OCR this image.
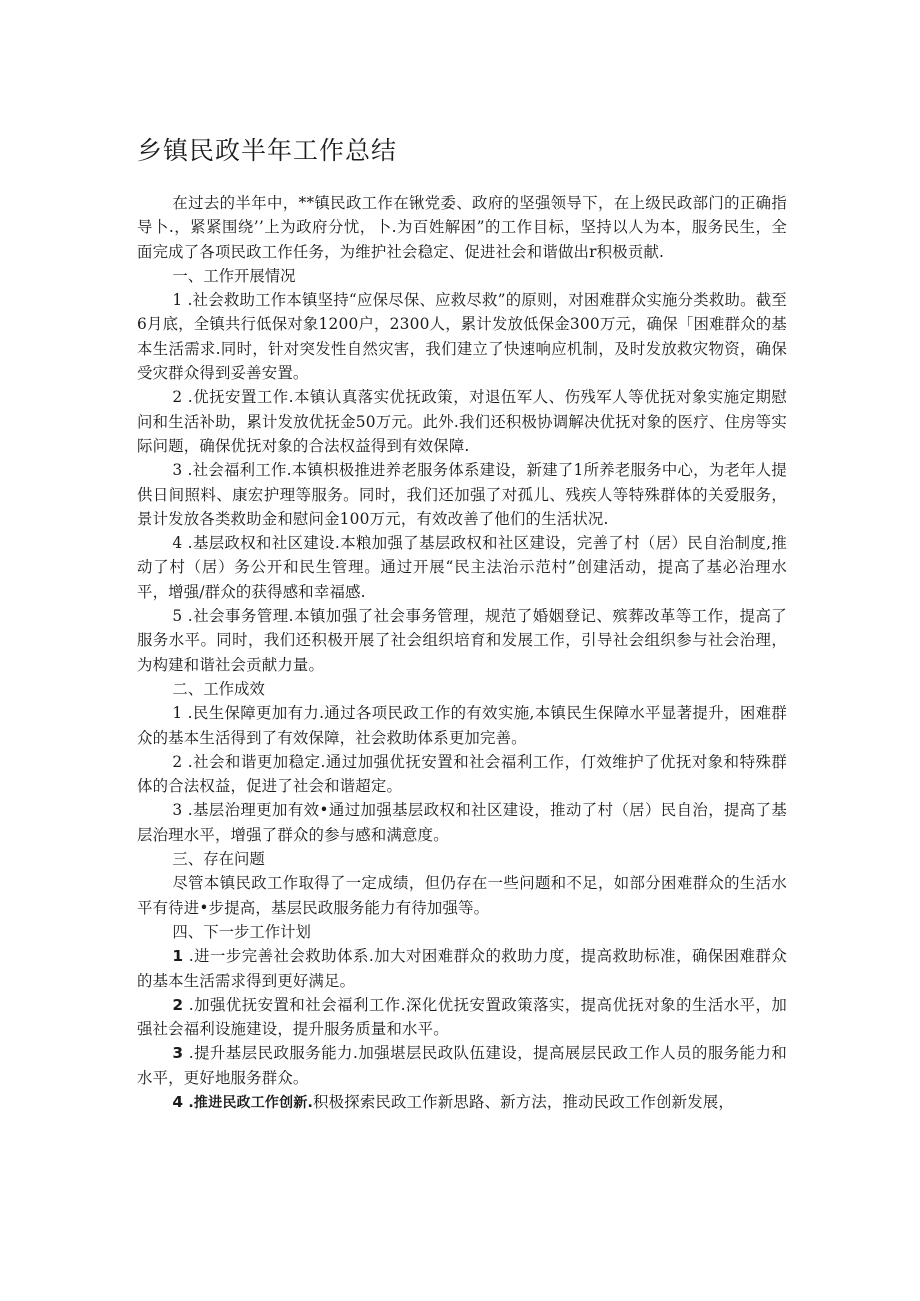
乡镇民政半年工作总结

在过去的半年中，**镇民政工作在锹党委、政府的坚强领导下，在上级民政部门的正确指导卜.，紧紧围绕’’上为政府分忧，卜.为百姓解困”的工作目标，坚持以人为本，服务民生，全面完成了各项民政工作任务，为维护社会稳定、促进社会和谐做出r积极贡献.

一、工作开展情况

1 .社会救助工作本镇坚持“应保尽保、应救尽救”的原则，对困难群众实施分类救助。截至6月底，全镇共行低保对象1200户，2300人，累计发放低保金300万元，确保「困难群众的基本生活需求.同时，针对突发性自然灾害，我们建立了快速响应机制，及时发放救灾物资，确保受灾群众得到妥善安置。

2 .优抚安置工作.本镇认真落实优抚政策，对退伍军人、伤残军人等优抚对象实施定期慰问和生活补助，累计发放优抚金50万元。此外.我们还积极协调解决优抚对象的医疗、住房等实际问题，确保优抚对象的合法权益得到有效保障.

3 .社会福利工作.本镇枳极推进养老服务体系建设，新建了1所养老服务中心，为老年人提供日间照料、康宏护理等服务。同时，我们还加强了对孤儿、残疾人等特殊群体的关爱服务，景计发放各类救助金和慰问金100万元，有效改善了他们的生活状况.

4 .基层政权和社区建设.本粮加强了基层政权和社区建设，完善了村（居）民自治制度,推动了村（居）务公开和民生管理。通过开展“民主法治示范村”创建活动，提高了基必治理水平，增强/群众的获得感和幸福感.

5 .社会事务管理.本镇加强了社会事务管理，规范了婚姻登记、殡葬改革等工作，提高了服务水平。同时，我们还积极开展了社会组织培育和发展工作，引导社会组织参与社会治理，为构建和谐社会贡献力量。

二、工作成效

1 .民生保障更加有力.通过各项民政工作的有效实施,本镇民生保障水平显著提升，困难群众的基本生活得到了有效保障，社会救助体系更加完善。

2 .社会和谐更加稳定.通过加强优抚安置和社会福利工作，仃效维护了优抚对象和特殊群体的合法权益，促进了社会和谐超定。

3 .基层治理更加有效•通过加强基层政权和社区建设，推动了村（居）民自治，提高了基层治理水平，增强了群众的参与感和满意度。

三、存在问题

尽管本镇民政工作取得了一定成绩，但仍存在一些问题和不足，如部分困难群众的生活水平有待进•步提高，基层民政服务能力有待加强等。

四、下一步工作计划

1 .进一步完善社会救助体系.加大对困难群众的救助力度，提高救助标准，确保困难群众的基本生活需求得到更好满足。

2 .加强优抚安置和社会福利工作.深化优抚安置政策落实，提高优抚对象的生活水平，加强社会福利设施建设，提升服务质量和水平。

3 .提升基层民政服务能力.加强堪层民政队伍建设，提高展层民政工作人员的服务能力和水平，更好地服务群众。

4 .推进民政工作创新.积极探索民政工作新思路、新方法，推动民政工作创新发展，
